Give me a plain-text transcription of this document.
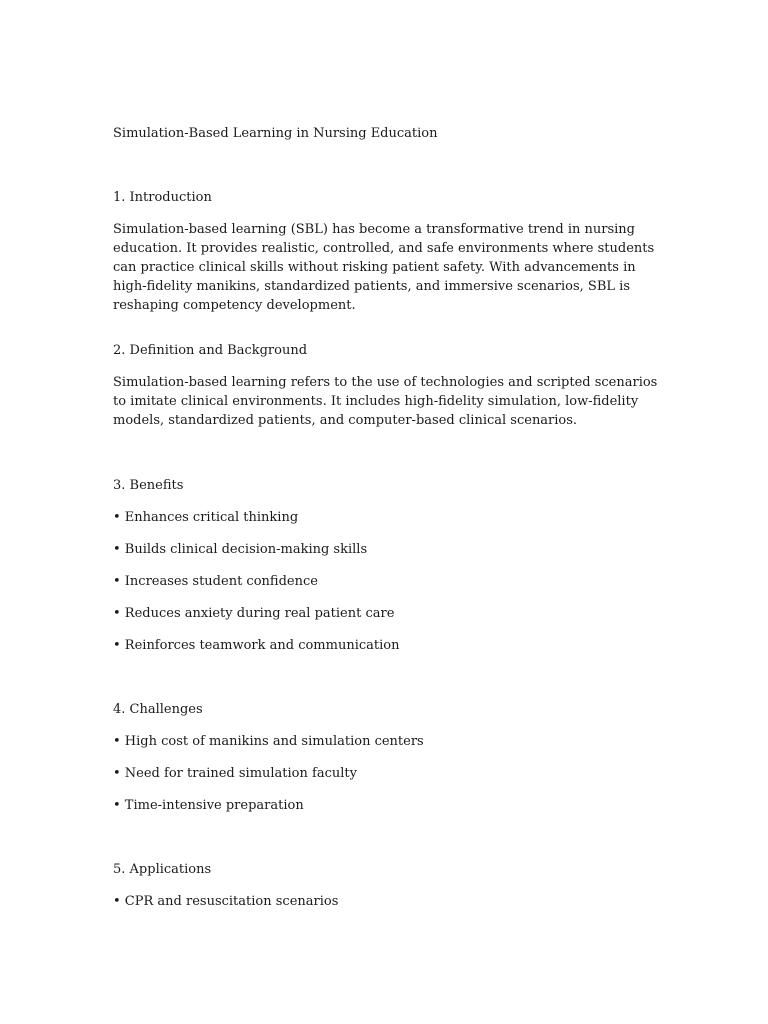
Simulation-Based Learning in Nursing Education
1. Introduction
Simulation-based learning (SBL) has become a transformative trend in nursing education. It provides realistic, controlled, and safe environments where students can practice clinical skills without risking patient safety. With advancements in high-fidelity manikins, standardized patients, and immersive scenarios, SBL is reshaping competency development.
2. Definition and Background
Simulation-based learning refers to the use of technologies and scripted scenarios to imitate clinical environments. It includes high-fidelity simulation, low-fidelity models, standardized patients, and computer-based clinical scenarios.
3. Benefits
• Enhances critical thinking
• Builds clinical decision-making skills
• Increases student confidence
• Reduces anxiety during real patient care
• Reinforces teamwork and communication
4. Challenges
• High cost of manikins and simulation centers
• Need for trained simulation faculty
• Time-intensive preparation
5. Applications
• CPR and resuscitation scenarios
